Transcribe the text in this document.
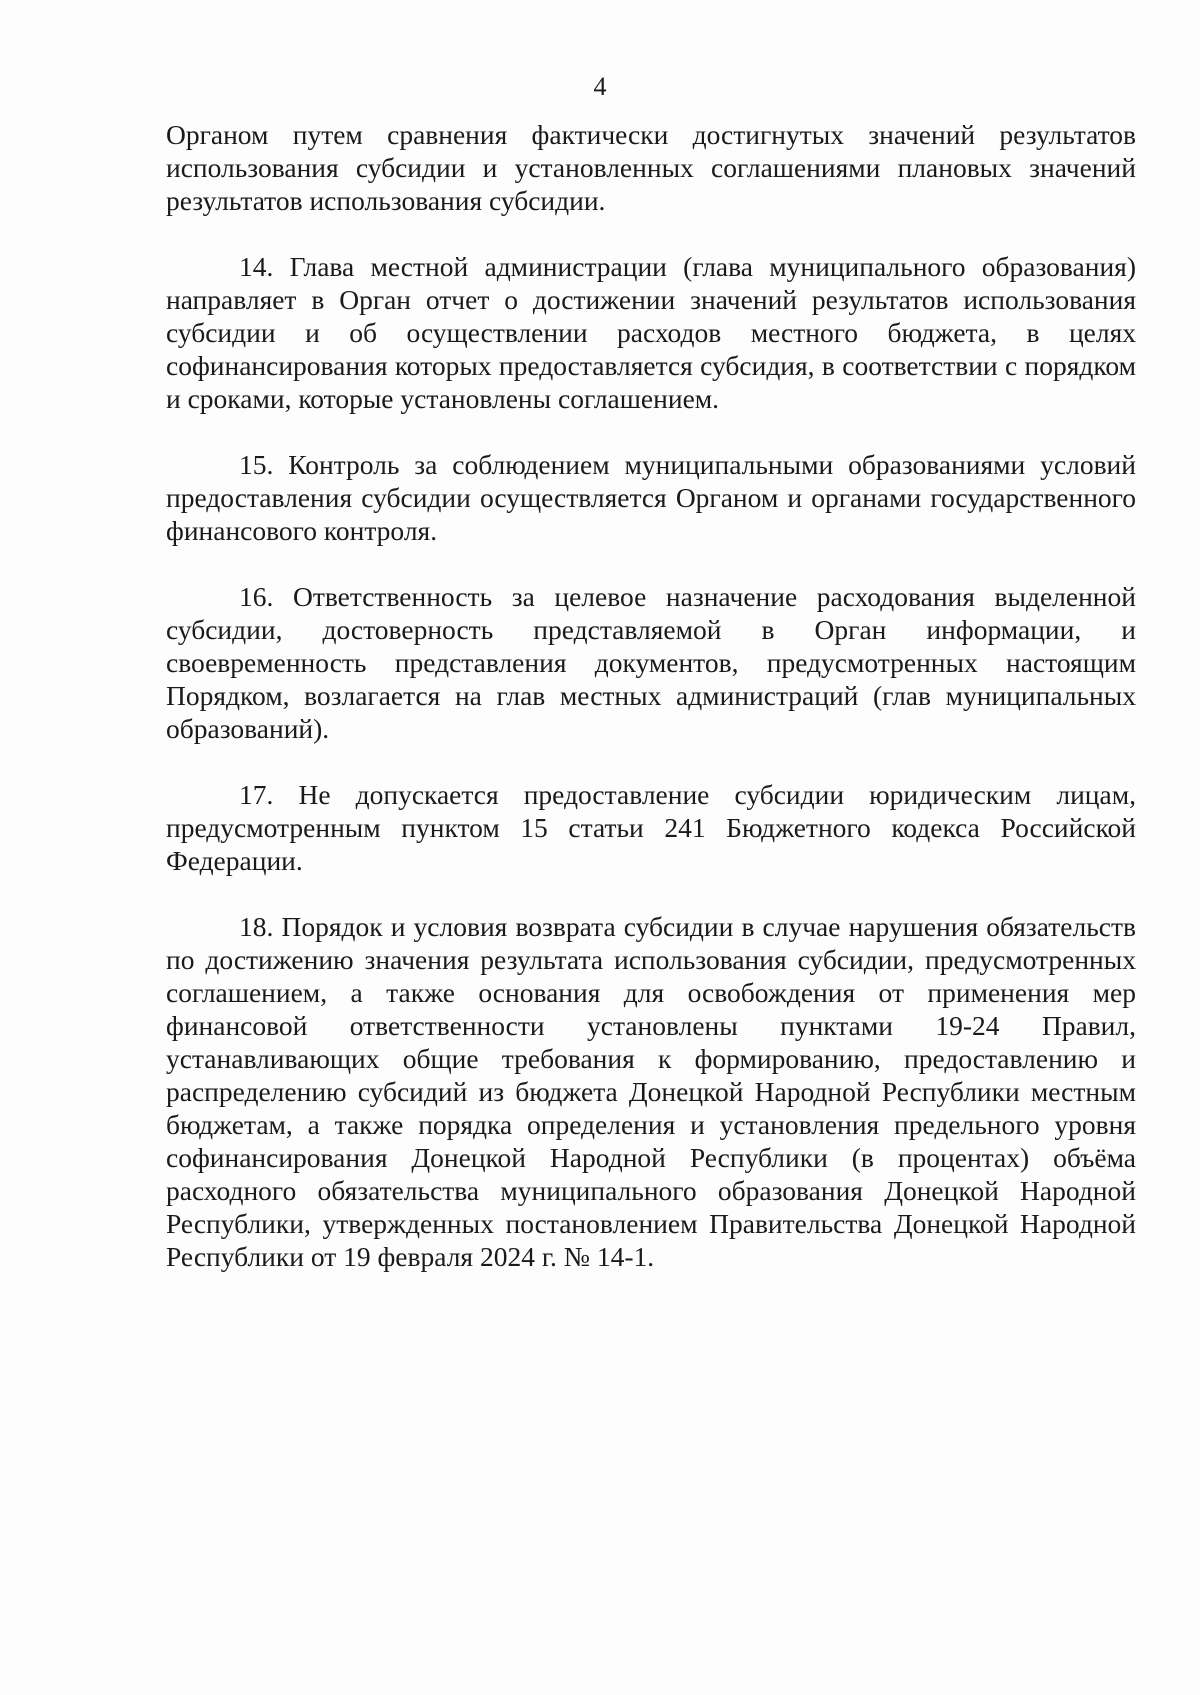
4

Органом путем сравнения фактически достигнутых значений результатов использования субсидии и установленных соглашениями плановых значений результатов использования субсидии.

14. Глава местной администрации (глава муниципального образования) направляет в Орган отчет о достижении значений результатов использования субсидии и об осуществлении расходов местного бюджета, в целях софинансирования которых предоставляется субсидия, в соответствии с порядком и сроками, которые установлены соглашением.

15. Контроль за соблюдением муниципальными образованиями условий предоставления субсидии осуществляется Органом и органами государственного финансового контроля.

16. Ответственность за целевое назначение расходования выделенной субсидии, достоверность представляемой в Орган информации, и своевременность представления документов, предусмотренных настоящим Порядком, возлагается на глав местных администраций (глав муниципальных образований).

17. Не допускается предоставление субсидии юридическим лицам, предусмотренным пунктом 15 статьи 241 Бюджетного кодекса Российской Федерации.

18. Порядок и условия возврата субсидии в случае нарушения обязательств по достижению значения результата использования субсидии, предусмотренных соглашением, а также основания для освобождения от применения мер финансовой ответственности установлены пунктами 19-24 Правил, устанавливающих общие требования к формированию, предоставлению и распределению субсидий из бюджета Донецкой Народной Республики местным бюджетам, а также порядка определения и установления предельного уровня софинансирования Донецкой Народной Республики (в процентах) объёма расходного обязательства муниципального образования Донецкой Народной Республики, утвержденных постановлением Правительства Донецкой Народной Республики от 19 февраля 2024 г. № 14-1.
